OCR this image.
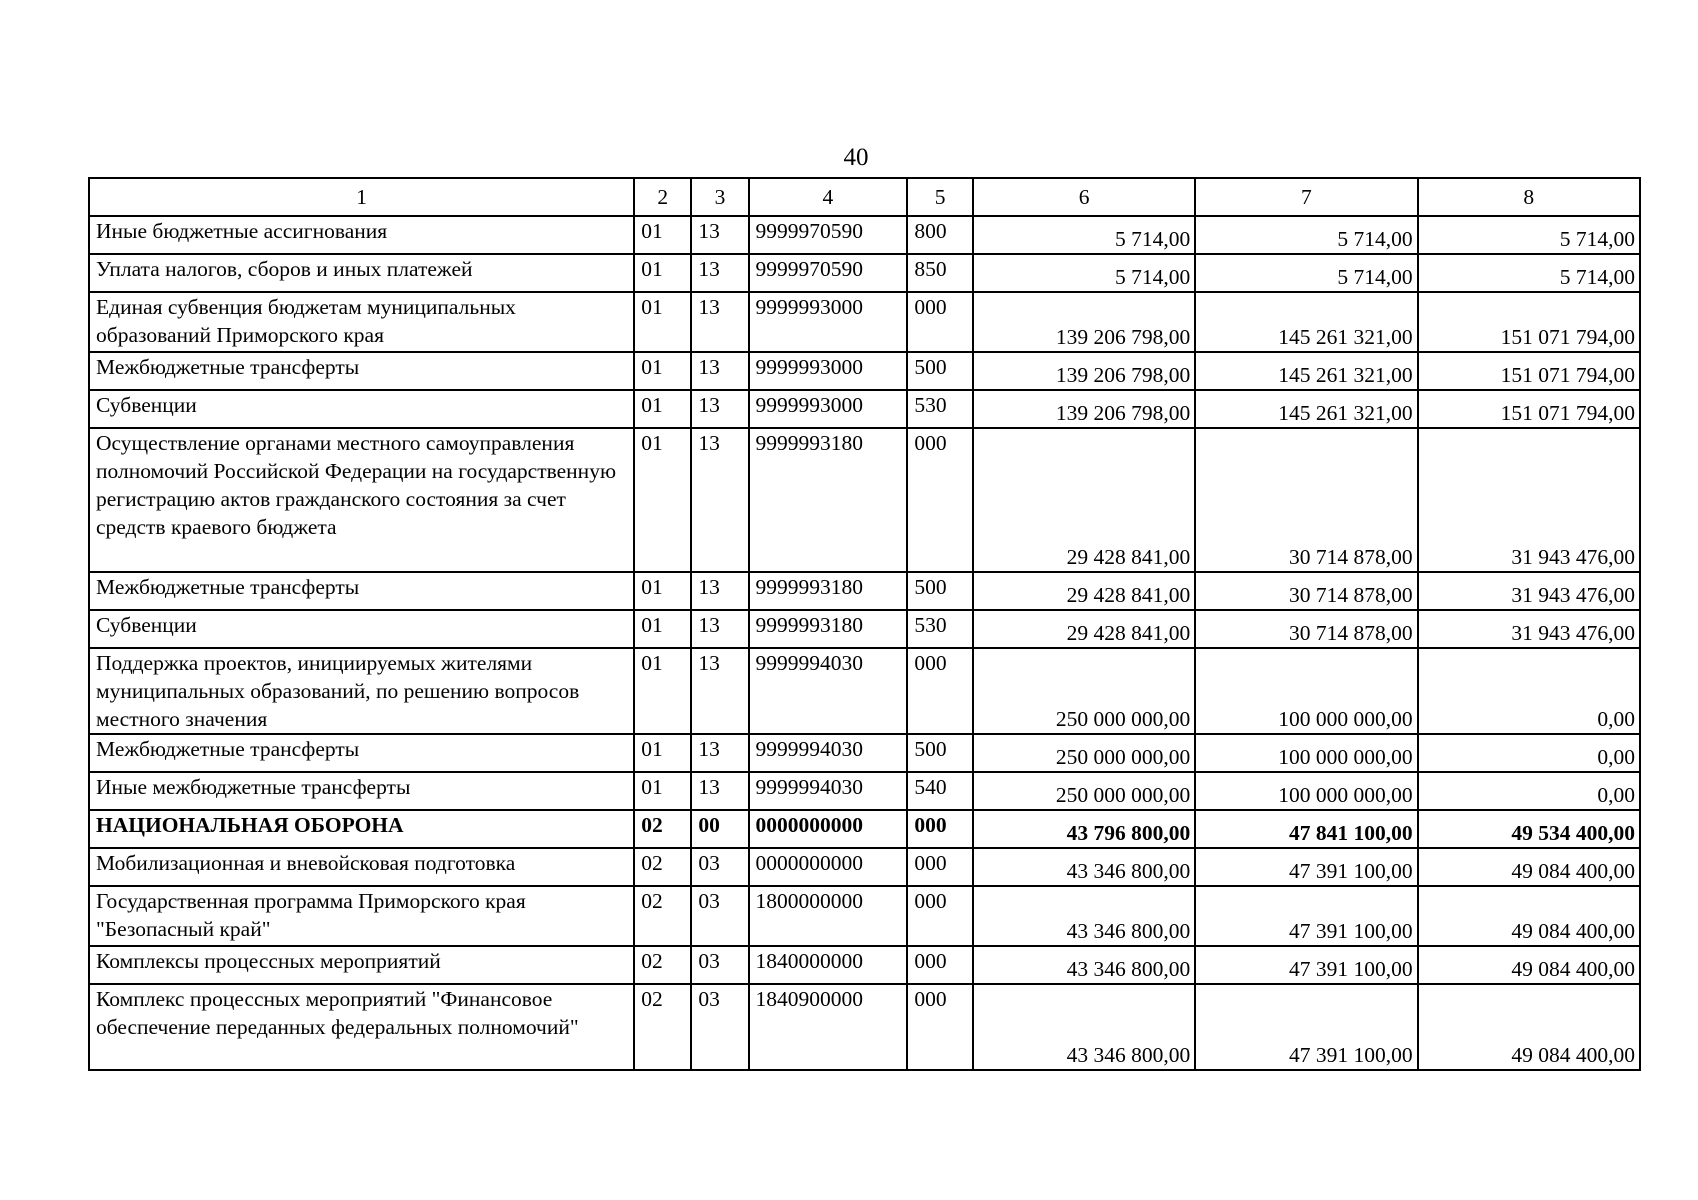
40
1	2	3	4	5	6	7	8
Иные бюджетные ассигнования	01	13	9999970590	800	5 714,00	5 714,00	5 714,00
Уплата налогов, сборов и иных платежей	01	13	9999970590	850	5 714,00	5 714,00	5 714,00
Единая субвенция бюджетам муниципальных образований Приморского края	01	13	9999993000	000	139 206 798,00	145 261 321,00	151 071 794,00
Межбюджетные трансферты	01	13	9999993000	500	139 206 798,00	145 261 321,00	151 071 794,00
Субвенции	01	13	9999993000	530	139 206 798,00	145 261 321,00	151 071 794,00
Осуществление органами местного самоуправления полномочий Российской Федерации на государственную регистрацию актов гражданского состояния за счет средств краевого бюджета	01	13	9999993180	000	29 428 841,00	30 714 878,00	31 943 476,00
Межбюджетные трансферты	01	13	9999993180	500	29 428 841,00	30 714 878,00	31 943 476,00
Субвенции	01	13	9999993180	530	29 428 841,00	30 714 878,00	31 943 476,00
Поддержка проектов, инициируемых жителями муниципальных образований, по решению вопросов местного значения	01	13	9999994030	000	250 000 000,00	100 000 000,00	0,00
Межбюджетные трансферты	01	13	9999994030	500	250 000 000,00	100 000 000,00	0,00
Иные межбюджетные трансферты	01	13	9999994030	540	250 000 000,00	100 000 000,00	0,00
НАЦИОНАЛЬНАЯ ОБОРОНА	02	00	0000000000	000	43 796 800,00	47 841 100,00	49 534 400,00
Мобилизационная и вневойсковая подготовка	02	03	0000000000	000	43 346 800,00	47 391 100,00	49 084 400,00
Государственная программа Приморского края "Безопасный край"	02	03	1800000000	000	43 346 800,00	47 391 100,00	49 084 400,00
Комплексы процессных мероприятий	02	03	1840000000	000	43 346 800,00	47 391 100,00	49 084 400,00
Комплекс процессных мероприятий "Финансовое обеспечение переданных федеральных полномочий"	02	03	1840900000	000	43 346 800,00	47 391 100,00	49 084 400,00
